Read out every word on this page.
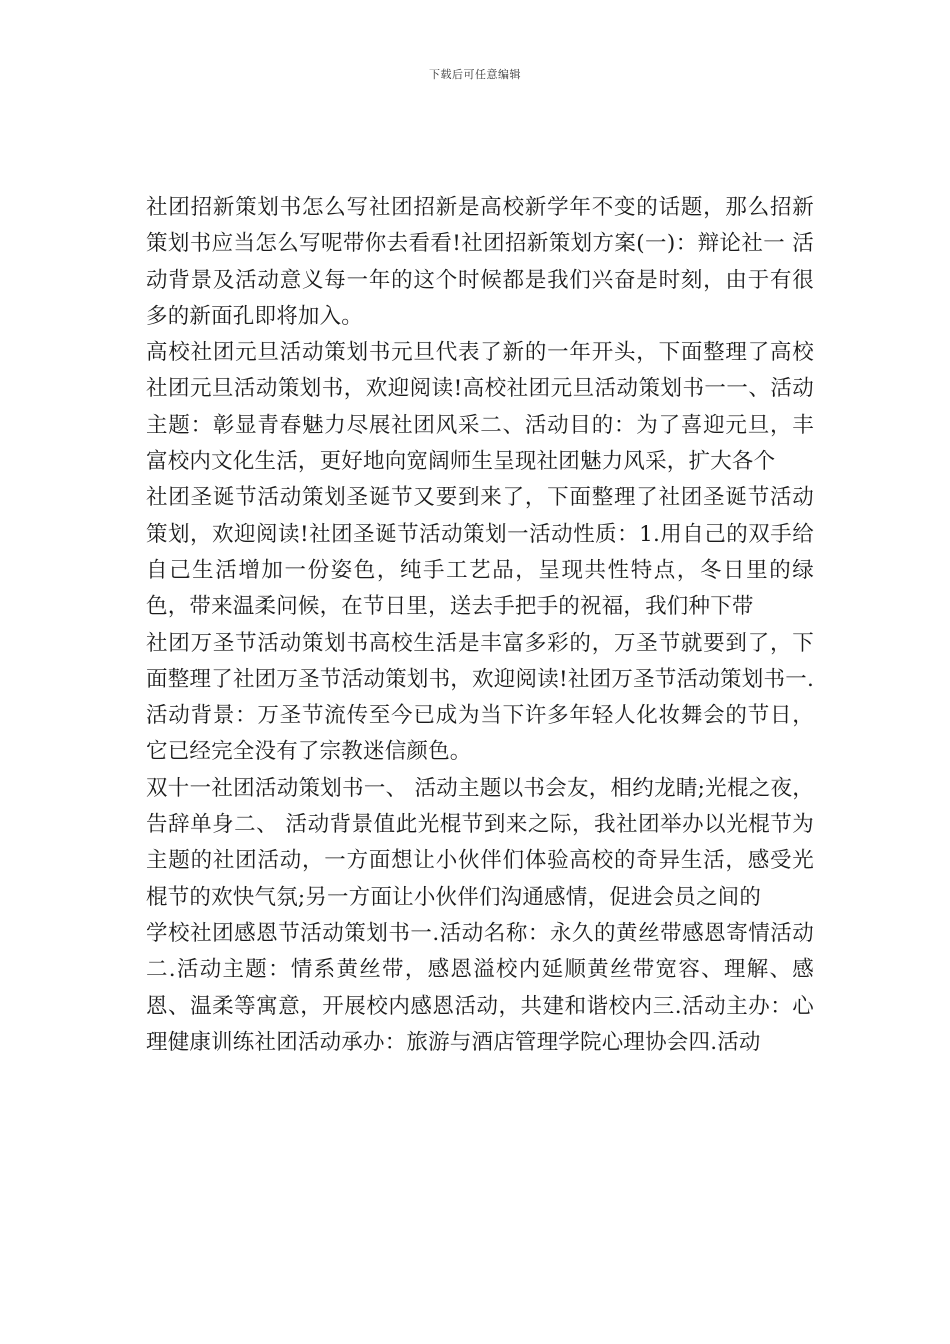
下载后可任意编辑

社团招新策划书怎么写社团招新是高校新学年不变的话题，那么招新策划书应当怎么写呢带你去看看!社团招新策划方案(一)：辩论社一 活动背景及活动意义每一年的这个时候都是我们兴奋是时刻，由于有很多的新面孔即将加入。

高校社团元旦活动策划书元旦代表了新的一年开头，下面整理了高校社团元旦活动策划书，欢迎阅读!高校社团元旦活动策划书一一、活动主题：彰显青春魅力尽展社团风采二、活动目的：为了喜迎元旦，丰富校内文化生活，更好地向宽阔师生呈现社团魅力风采，扩大各个

社团圣诞节活动策划圣诞节又要到来了，下面整理了社团圣诞节活动策划，欢迎阅读!社团圣诞节活动策划一活动性质：1.用自己的双手给自己生活增加一份姿色，纯手工艺品，呈现共性特点，冬日里的绿色，带来温柔问候，在节日里，送去手把手的祝福，我们种下带

社团万圣节活动策划书高校生活是丰富多彩的，万圣节就要到了，下面整理了社团万圣节活动策划书，欢迎阅读!社团万圣节活动策划书一.活动背景：万圣节流传至今已成为当下许多年轻人化妆舞会的节日，它已经完全没有了宗教迷信颜色。

双十一社团活动策划书一、 活动主题以书会友，相约龙睛;光棍之夜，告辞单身二、 活动背景值此光棍节到来之际，我社团举办以光棍节为主题的社团活动，一方面想让小伙伴们体验高校的奇异生活，感受光棍节的欢快气氛;另一方面让小伙伴们沟通感情，促进会员之间的

学校社团感恩节活动策划书一.活动名称：永久的黄丝带感恩寄情活动二.活动主题：情系黄丝带，感恩溢校内延顺黄丝带宽容、理解、感恩、温柔等寓意，开展校内感恩活动，共建和谐校内三.活动主办：心理健康训练社团活动承办：旅游与酒店管理学院心理协会四.活动
